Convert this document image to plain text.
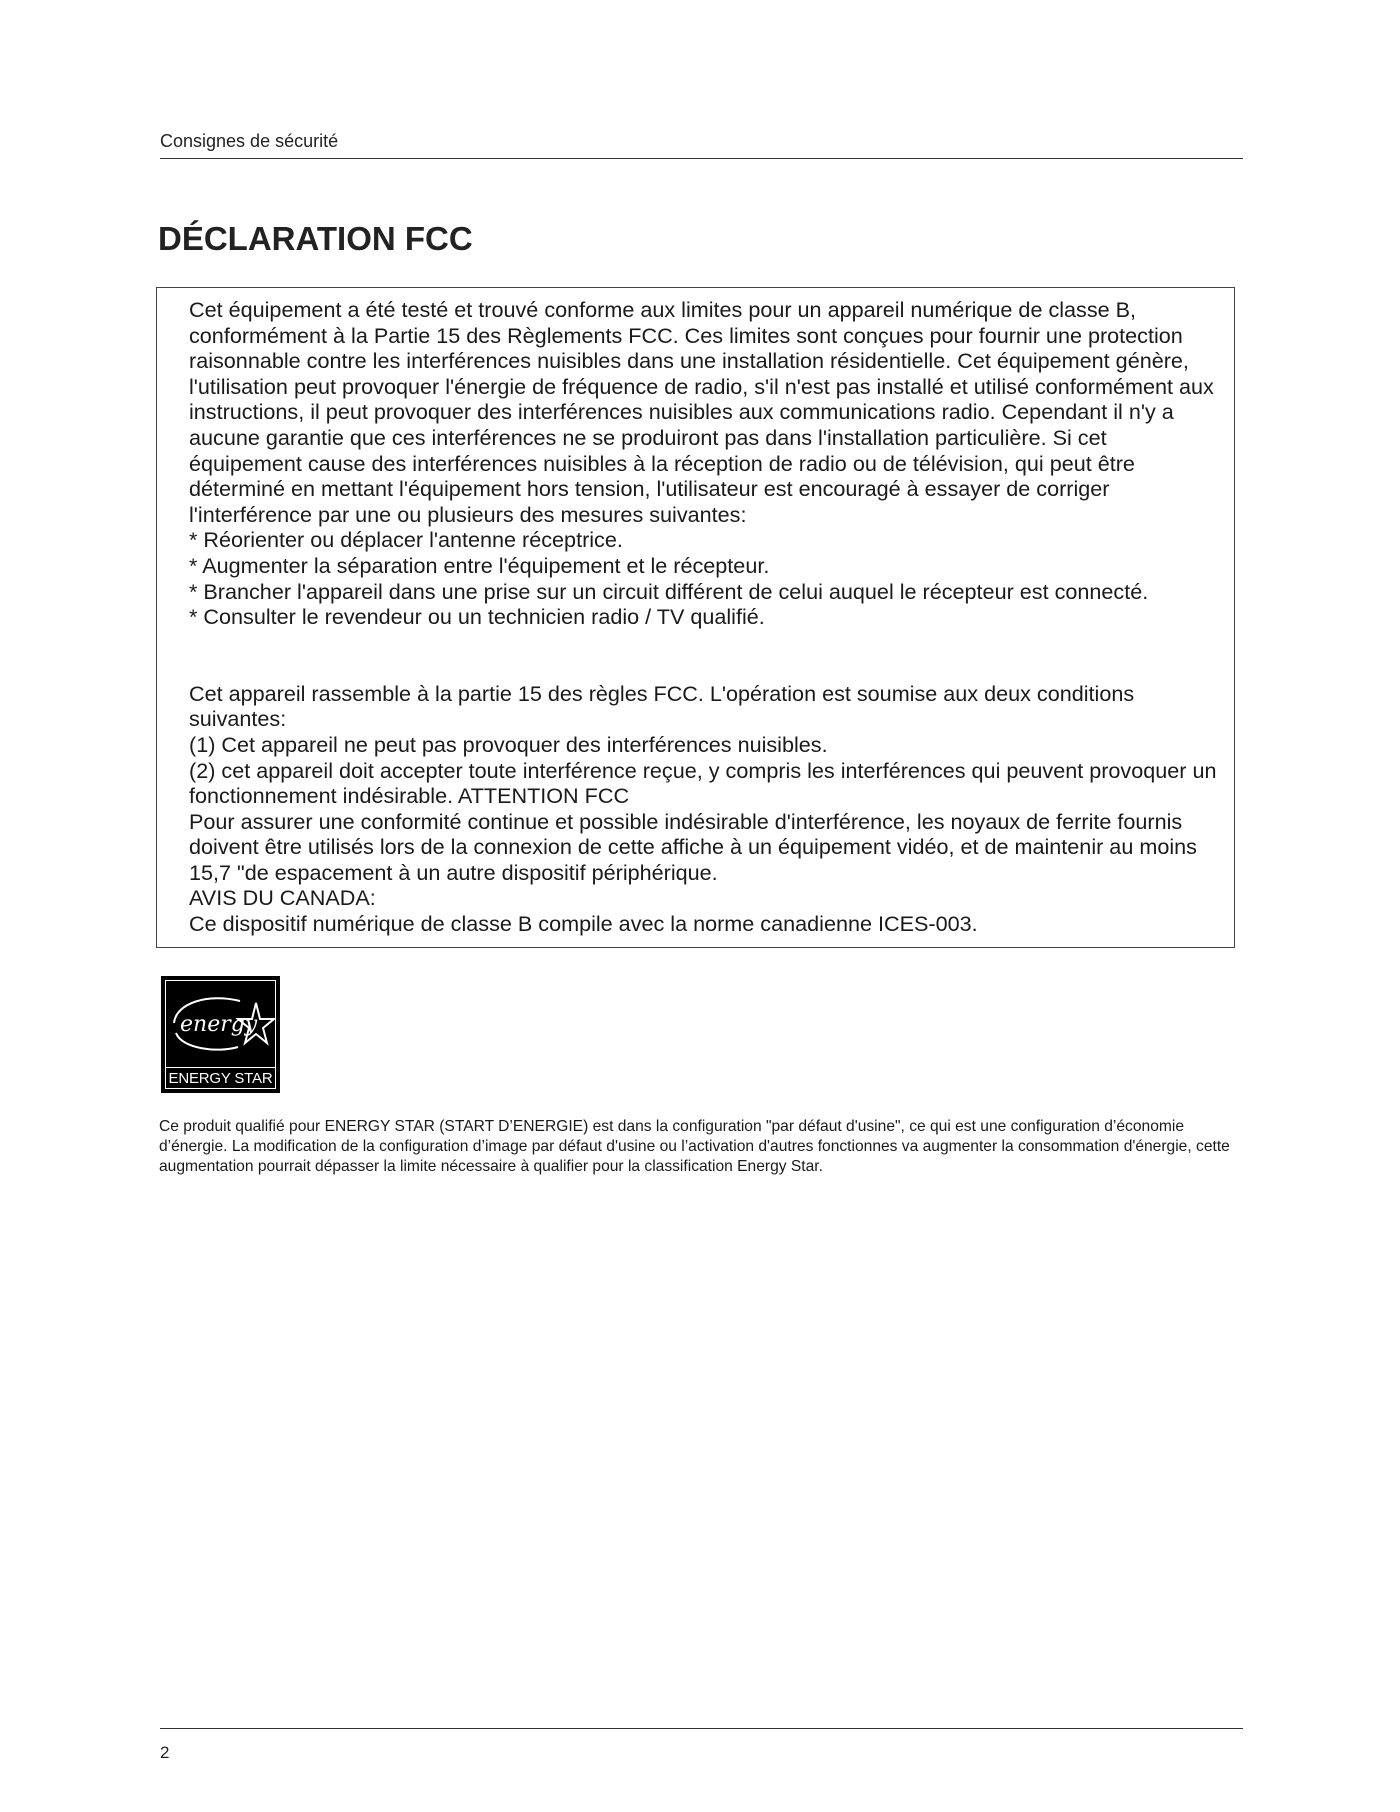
Consignes de sécurité
DÉCLARATION FCC

Cet équipement a été testé et trouvé conforme aux limites pour un appareil numérique de classe B, conformément à la Partie 15 des Règlements FCC. Ces limites sont conçues pour fournir une protection raisonnable contre les interférences nuisibles dans une installation résidentielle. Cet équipement génère, l'utilisation peut provoquer l'énergie de fréquence de radio, s'il n'est pas installé et utilisé conformément aux instructions, il peut provoquer des interférences nuisibles aux communications radio. Cependant il n'y a aucune garantie que ces interférences ne se produiront pas dans l'installation particulière. Si cet équipement cause des interférences nuisibles à la réception de radio ou de télévision, qui peut être déterminé en mettant l'équipement hors tension, l'utilisateur est encouragé à essayer de corriger l'interférence par une ou plusieurs des mesures suivantes:

* Réorienter ou déplacer l'antenne réceptrice.

* Augmenter la séparation entre l'équipement et le récepteur.

* Brancher l'appareil dans une prise sur un circuit différent de celui auquel le récepteur est connecté.

* Consulter le revendeur ou un technicien radio / TV qualifié.

Cet appareil rassemble à la partie 15 des règles FCC. L'opération est soumise aux deux conditions suivantes:

(1) Cet appareil ne peut pas provoquer des interférences nuisibles.

(2) cet appareil doit accepter toute interférence reçue, y compris les interférences qui peuvent provoquer un fonctionnement indésirable. ATTENTION FCC

Pour assurer une conformité continue et possible indésirable d'interférence, les noyaux de ferrite fournis doivent être utilisés lors de la connexion de cette affiche à un équipement vidéo, et de maintenir au moins 15,7 "de espacement à un autre dispositif périphérique.

AVIS DU CANADA:

Ce dispositif numérique de classe B compile avec la norme canadienne ICES-003.

energy
ENERGY STAR

Ce produit qualifié pour ENERGY STAR (START D’ENERGIE) est dans la configuration "par défaut d'usine", ce qui est une configuration d’économie d’énergie. La modification de la configuration d’image par défaut d'usine ou l’activation d'autres fonctionnes va augmenter la consommation d'énergie, cette augmentation pourrait dépasser la limite nécessaire à qualifier pour la classification Energy Star.

2
